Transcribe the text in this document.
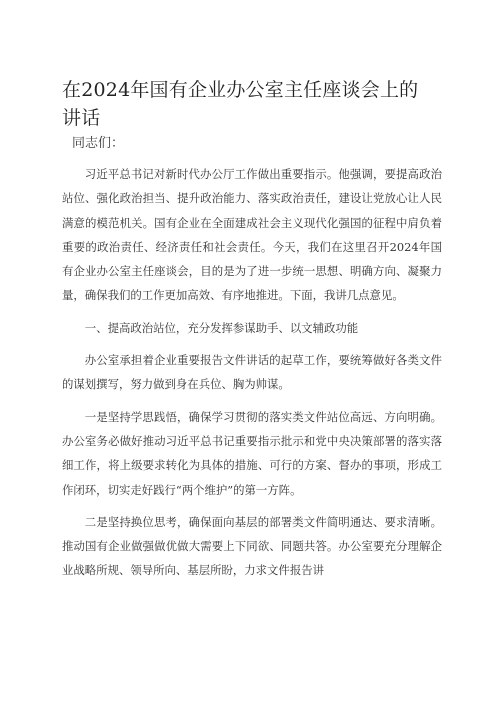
在2024年国有企业办公室主任座谈会上的讲话
同志们：

习近平总书记对新时代办公厅工作做出重要指示。他强调，要提高政治站位、强化政治担当、提升政治能力、落实政治责任，建设让党放心让人民满意的模范机关。国有企业在全面建成社会主义现代化强国的征程中肩负着重要的政治责任、经济责任和社会责任。今天，我们在这里召开2024年国有企业办公室主任座谈会，目的是为了进一步统一思想、明确方向、凝聚力量，确保我们的工作更加高效、有序地推进。下面，我讲几点意见。

一、提高政治站位，充分发挥参谋助手、以文辅政功能

办公室承担着企业重要报告文件讲话的起草工作，要统筹做好各类文件的谋划撰写，努力做到身在兵位、胸为帅谋。

一是坚持学思践悟，确保学习贯彻的落实类文件站位高远、方向明确。办公室务必做好推动习近平总书记重要指示批示和党中央决策部署的落实落细工作，将上级要求转化为具体的措施、可行的方案、督办的事项，形成工作闭环，切实走好践行“两个维护”的第一方阵。

二是坚持换位思考，确保面向基层的部署类文件简明通达、要求清晰。推动国有企业做强做优做大需要上下同欲、同题共答。办公室要充分理解企业战略所规、领导所向、基层所盼，力求文件报告讲
